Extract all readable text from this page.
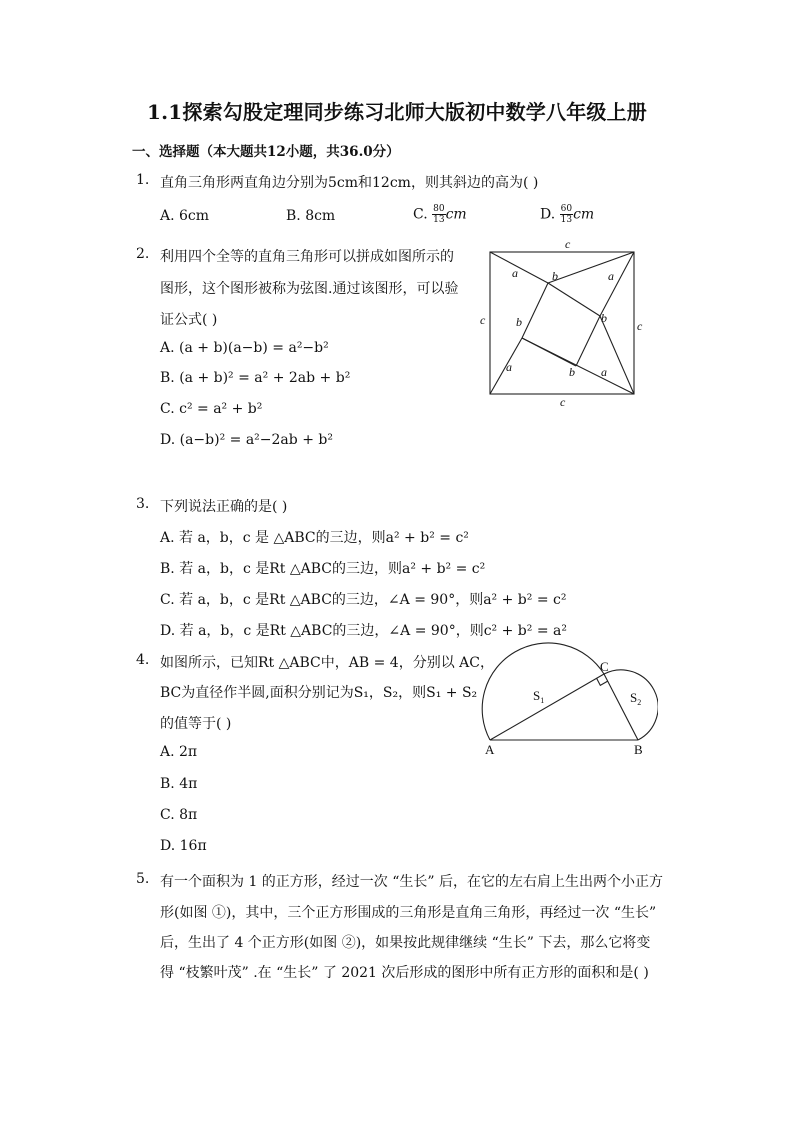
1.1探索勾股定理同步练习北师大版初中数学八年级上册
一、选择题（本大题共12小题，共36.0分）
1. 直角三角形两直角边分别为5cm和12cm，则其斜边的高为( )
A. 6cm	B. 8cm	C. $\frac{80}{13}$ cm	D. $\frac{60}{13}$ cm
2. 利用四个全等的直角三角形可以拼成如图所示的
图形，这个图形被称为弦图.通过该图形，可以验
证公式( )
A. (a + b)(a−b) = a²−b²
B. (a + b)² = a² + 2ab + b²
C. c² = a² + b²
D. (a−b)² = a²−2ab + b²
c
c	c
c
a	a
a	a
b
b
b
b
3. 下列说法正确的是( )
A. 若 a，b，c 是 △ABC的三边，则a² + b² = c²
B. 若 a，b，c 是Rt △ABC的三边，则a² + b² = c²
C. 若 a，b，c 是Rt △ABC的三边，∠A = 90°，则a² + b² = c²
D. 若 a，b，c 是Rt △ABC的三边，∠A = 90°，则c² + b² = a²
4. 如图所示，已知Rt △ABC中，AB = 4，分别以 AC，
BC为直径作半圆,面积分别记为S₁，S₂，则S₁ + S₂
的值等于( )
A. 2π
B. 4π
C. 8π
D. 16π
A	B
C
$S_1$	$S_2$
5. 有一个面积为 1 的正方形，经过一次 “生长” 后，在它的左右肩上生出两个小正方
形(如图 ①)，其中，三个正方形围成的三角形是直角三角形，再经过一次 “生长”
后，生出了 4 个正方形(如图 ②)，如果按此规律继续 “生长” 下去，那么它将变
得 “枝繁叶茂” .在 “生长” 了 2021 次后形成的图形中所有正方形的面积和是( )
